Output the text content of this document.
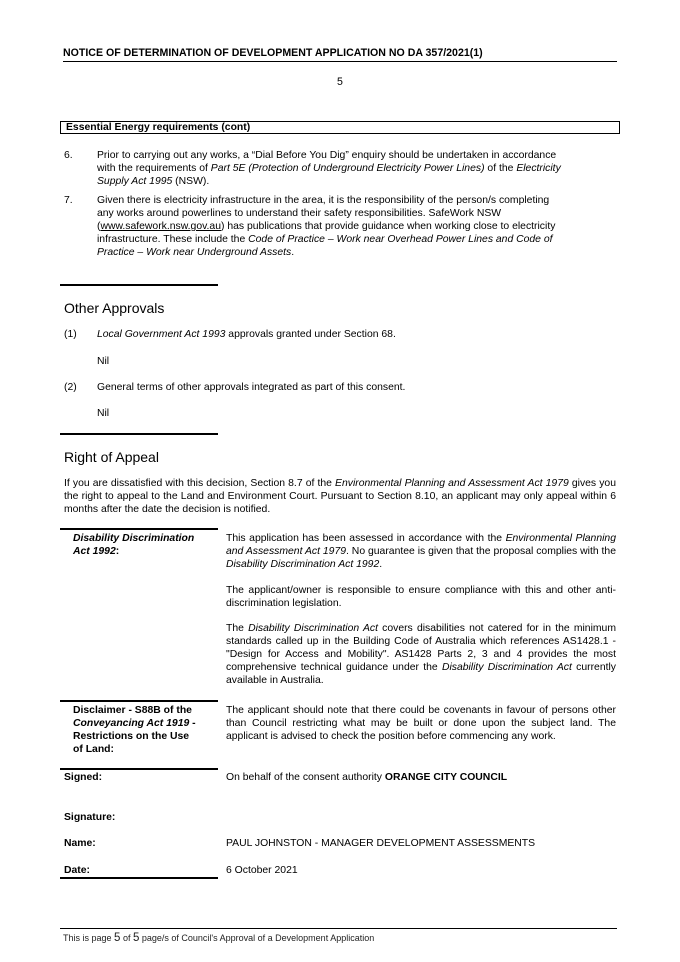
NOTICE OF DETERMINATION OF DEVELOPMENT APPLICATION NO DA 357/2021(1)
5
Essential Energy requirements (cont)
6. Prior to carrying out any works, a “Dial Before You Dig” enquiry should be undertaken in accordance
with the requirements of Part 5E (Protection of Underground Electricity Power Lines) of the Electricity
Supply Act 1995 (NSW).
7. Given there is electricity infrastructure in the area, it is the responsibility of the person/s completing
any works around powerlines to understand their safety responsibilities. SafeWork NSW
(www.safework.nsw.gov.au) has publications that provide guidance when working close to electricity
infrastructure. These include the Code of Practice – Work near Overhead Power Lines and Code of
Practice – Work near Underground Assets.
Other Approvals
(1) Local Government Act 1993 approvals granted under Section 68.
Nil
(2) General terms of other approvals integrated as part of this consent.
Nil
Right of Appeal
If you are dissatisfied with this decision, Section 8.7 of the Environmental Planning and Assessment Act 1979 gives you the right to appeal to the Land and Environment Court. Pursuant to Section 8.10, an applicant may only appeal within 6 months after the date the decision is notified.
Disability Discrimination
Act 1992:
This application has been assessed in accordance with the Environmental Planning and Assessment Act 1979. No guarantee is given that the proposal complies with the Disability Discrimination Act 1992.
The applicant/owner is responsible to ensure compliance with this and other anti-discrimination legislation.
The Disability Discrimination Act covers disabilities not catered for in the minimum standards called up in the Building Code of Australia which references AS1428.1 - "Design for Access and Mobility". AS1428 Parts 2, 3 and 4 provides the most comprehensive technical guidance under the Disability Discrimination Act currently available in Australia.
Disclaimer - S88B of the
Conveyancing Act 1919 -
Restrictions on the Use
of Land:
The applicant should note that there could be covenants in favour of persons other than Council restricting what may be built or done upon the subject land. The applicant is advised to check the position before commencing any work.
Signed:	On behalf of the consent authority ORANGE CITY COUNCIL
Signature:
Name:	PAUL JOHNSTON - MANAGER DEVELOPMENT ASSESSMENTS
Date:	6 October 2021
This is page 5 of 5 page/s of Council's Approval of a Development Application
